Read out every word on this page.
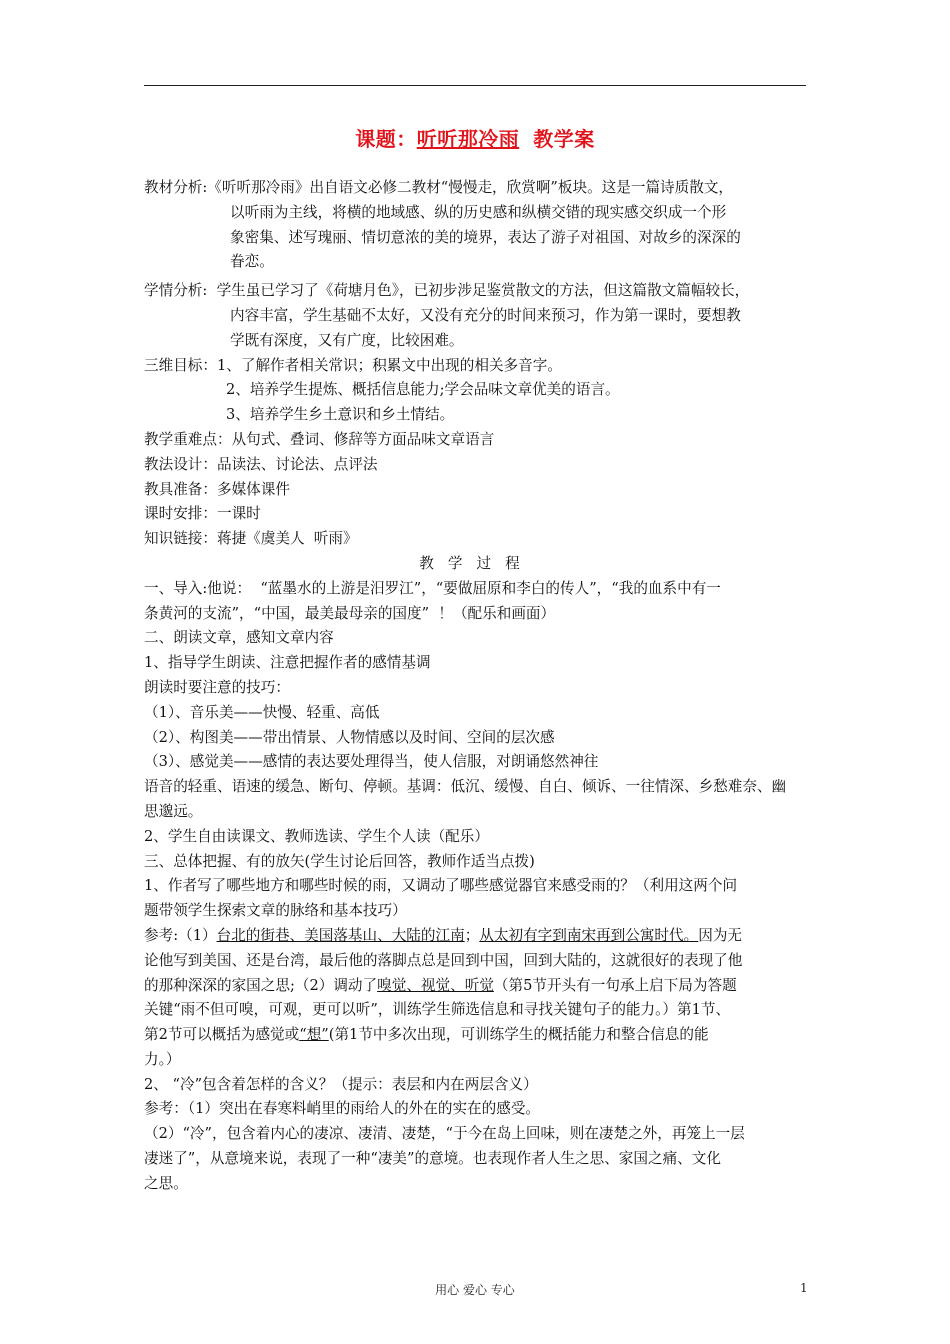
课题：听听那冷雨 教学案

教材分析:《听听那冷雨》出自语文必修二教材“慢慢走，欣赏啊”板块。这是一篇诗质散文，

以听雨为主线，将横的地域感、纵的历史感和纵横交错的现实感交织成一个形

象密集、述写瑰丽、情切意浓的美的境界，表达了游子对祖国、对故乡的深深的

眷恋。

学情分析:  学生虽已学习了《荷塘月色》，已初步涉足鉴赏散文的方法，但这篇散文篇幅较长，

内容丰富，学生基础不太好，又没有充分的时间来预习，作为第一课时，要想教

学既有深度，又有广度，比较困难。

三维目标：1、了解作者相关常识；积累文中出现的相关多音字。

2、培养学生提炼、概括信息能力;学会品味文章优美的语言。

3、培养学生乡土意识和乡土情结。

教学重难点：从句式、叠词、修辞等方面品味文章语言

教法设计：品读法、讨论法、点评法

教具准备：多媒体课件

课时安排：一课时

知识链接：蒋捷《虞美人  听雨》

教学过程

一、导入:他说：  “蓝墨水的上游是汨罗江”，“要做屈原和李白的传人”，“我的血系中有一

条黄河的支流”，“中国，最美最母亲的国度”  ！（配乐和画面）

二、朗读文章，感知文章内容

1、指导学生朗读、注意把握作者的感情基调

朗读时要注意的技巧：

（1）、音乐美——快慢、轻重、高低

（2）、构图美——带出情景、人物情感以及时间、空间的层次感

（3）、感觉美——感情的表达要处理得当，使人信服，对朗诵悠然神往

语音的轻重、语速的缓急、断句、停顿。基调：低沉、缓慢、自白、倾诉、一往情深、乡愁难奈、幽

思邈远。

2、学生自由读课文、教师选读、学生个人读（配乐）

三、总体把握、有的放矢(学生讨论后回答，教师作适当点拨)

1、作者写了哪些地方和哪些时候的雨，又调动了哪些感觉器官来感受雨的？（利用这两个问

题带领学生探索文章的脉络和基本技巧）

参考:（1）台北的街巷、美国落基山、大陆的江南；从太初有字到南宋再到公寓时代。因为无

论他写到美国、还是台湾，最后他的落脚点总是回到中国，回到大陆的，这就很好的表现了他

的那种深深的家国之思;（2）调动了嗅觉、视觉、听觉（第5节开头有一句承上启下局为答题

关键“雨不但可嗅，可观，更可以听”，训练学生筛选信息和寻找关键句子的能力。）第1节、

第2节可以概括为感觉或“想”(第1节中多次出现，可训练学生的概括能力和整合信息的能

力。）

2、 “冷”包含着怎样的含义？（提示：表层和内在两层含义）

参考：（1）突出在春寒料峭里的雨给人的外在的实在的感受。

（2）“冷”，包含着内心的凄凉、凄清、凄楚，“于今在岛上回味，则在凄楚之外，再笼上一层

凄迷了”，从意境来说，表现了一种“凄美”的意境。也表现作者人生之思、家国之痛、文化

之思。

用心 爱心 专心	1
